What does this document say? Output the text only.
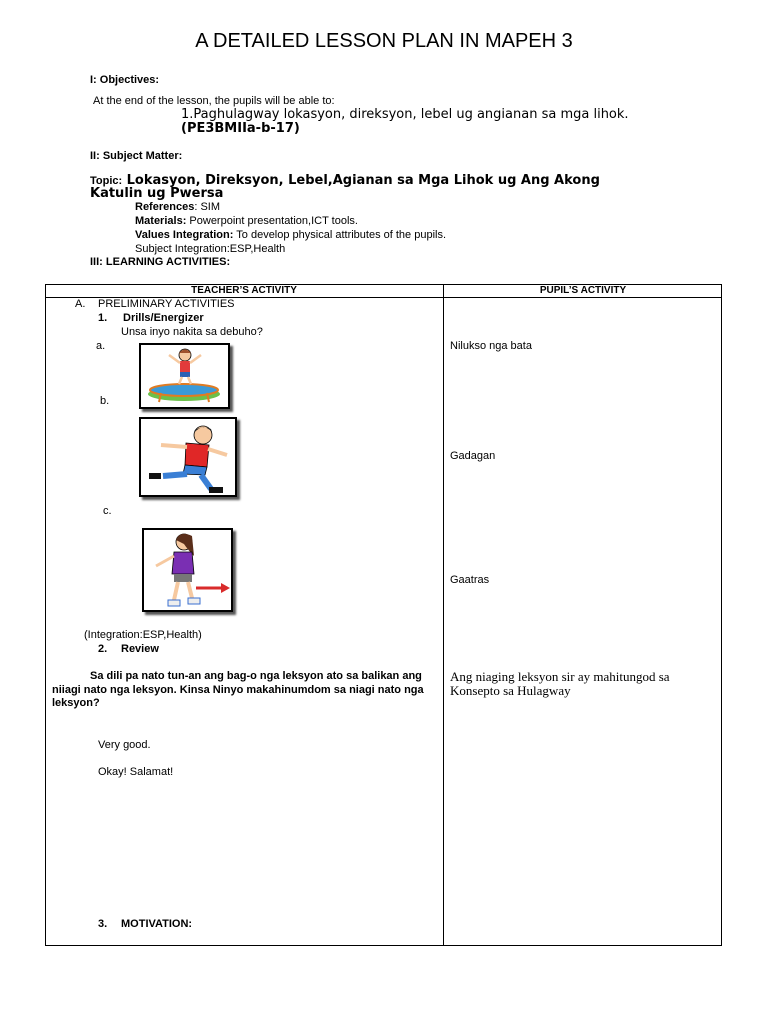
A DETAILED LESSON PLAN IN MAPEH 3
I: Objectives:
At the end of the lesson, the pupils will be able to:
1.Paghulagway lokasyon, direksyon, lebel ug angianan sa mga lihok.
(PE3BMIIa-b-17)
II: Subject Matter:
Topic: Lokasyon, Direksyon, Lebel,Agianan sa Mga Lihok ug Ang Akong
Katulin ug Pwersa
References: SIM
Materials: Powerpoint presentation,ICT tools.
Values Integration: To develop physical attributes of the pupils.
Subject Integration:ESP,Health
III: LEARNING ACTIVITIES:
TEACHER’S ACTIVITY	PUPIL’S ACTIVITY
A. PRELIMINARY ACTIVITIES
1. Drills/Energizer
Unsa inyo nakita sa debuho?
a.
b.
c.
(Integration:ESP,Health)
2. Review
Sa dili pa nato tun-an ang bag-o nga leksyon ato sa balikan ang niiagi nato nga leksyon. Kinsa Ninyo makahinumdom sa niagi nato nga leksyon?
Very good.
Okay! Salamat!
3. MOTIVATION:
Nilukso nga bata
Gadagan
Gaatras
Ang niaging leksyon sir ay mahitungod sa Konsepto sa Hulagway
